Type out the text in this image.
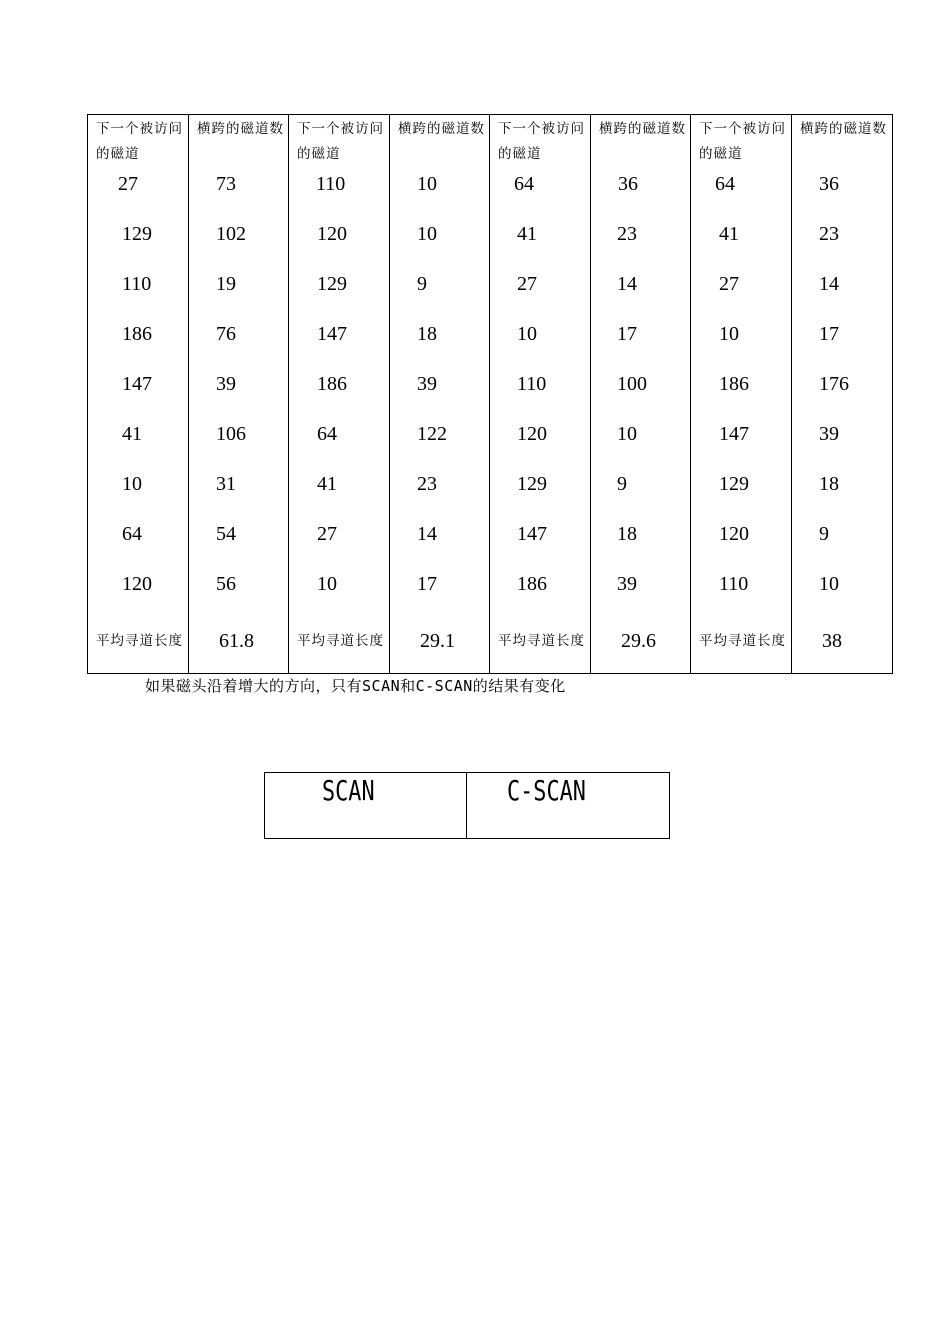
下一个被访问的磁道	横跨的磁道数	下一个被访问的磁道	横跨的磁道数	下一个被访问的磁道	横跨的磁道数	下一个被访问的磁道	横跨的磁道数
27	73	110	10	64	36	64	36
129	102	120	10	41	23	41	23
110	19	129	9	27	14	27	14
186	76	147	18	10	17	10	17
147	39	186	39	110	100	186	176
41	106	64	122	120	10	147	39
10	31	41	23	129	9	129	18
64	54	27	14	147	18	120	9
120	56	10	17	186	39	110	10
平均寻道长度	61.8	平均寻道长度	29.1	平均寻道长度	29.6	平均寻道长度	38
如果磁头沿着增大的方向，只有SCAN和C-SCAN的结果有变化
SCAN	C-SCAN
